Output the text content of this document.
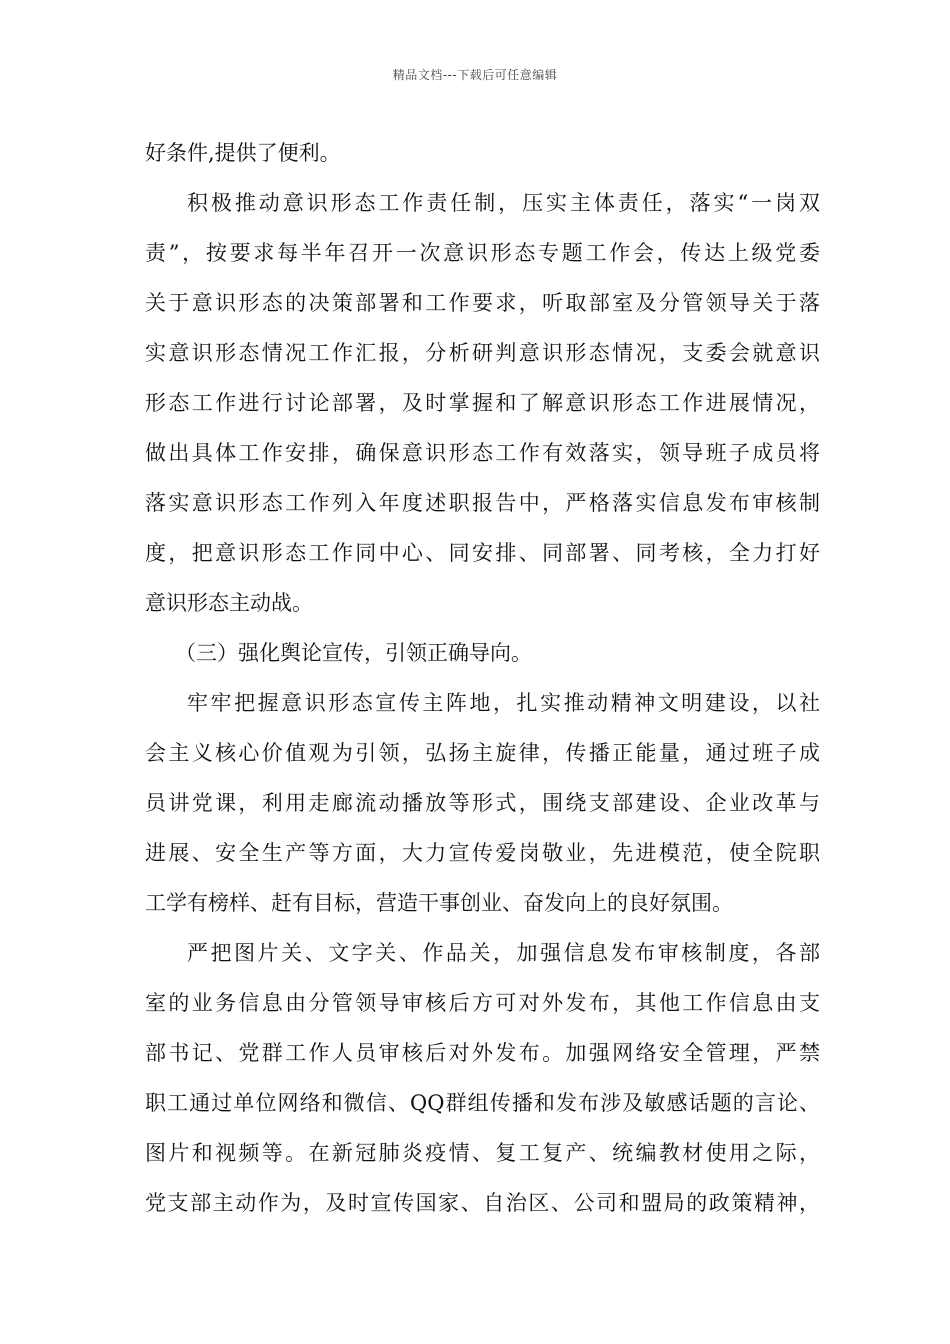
精品文档---下载后可任意编辑
好条件,提供了便利。
积极推动意识形态工作责任制，压实主体责任，落实“一岗双
责”，按要求每半年召开一次意识形态专题工作会，传达上级党委
关于意识形态的决策部署和工作要求，听取部室及分管领导关于落
实意识形态情况工作汇报，分析研判意识形态情况，支委会就意识
形态工作进行讨论部署，及时掌握和了解意识形态工作进展情况，
做出具体工作安排，确保意识形态工作有效落实，领导班子成员将
落实意识形态工作列入年度述职报告中，严格落实信息发布审核制
度，把意识形态工作同中心、同安排、同部署、同考核，全力打好
意识形态主动战。
（三）强化舆论宣传，引领正确导向。
牢牢把握意识形态宣传主阵地，扎实推动精神文明建设，以社
会主义核心价值观为引领，弘扬主旋律，传播正能量，通过班子成
员讲党课，利用走廊流动播放等形式，围绕支部建设、企业改革与
进展、安全生产等方面，大力宣传爱岗敬业，先进模范，使全院职
工学有榜样、赶有目标，营造干事创业、奋发向上的良好氛围。
严把图片关、文字关、作品关，加强信息发布审核制度，各部
室的业务信息由分管领导审核后方可对外发布，其他工作信息由支
部书记、党群工作人员审核后对外发布。加强网络安全管理，严禁
职工通过单位网络和微信、QQ群组传播和发布涉及敏感话题的言论、
图片和视频等。在新冠肺炎疫情、复工复产、统编教材使用之际，
党支部主动作为，及时宣传国家、自治区、公司和盟局的政策精神，
